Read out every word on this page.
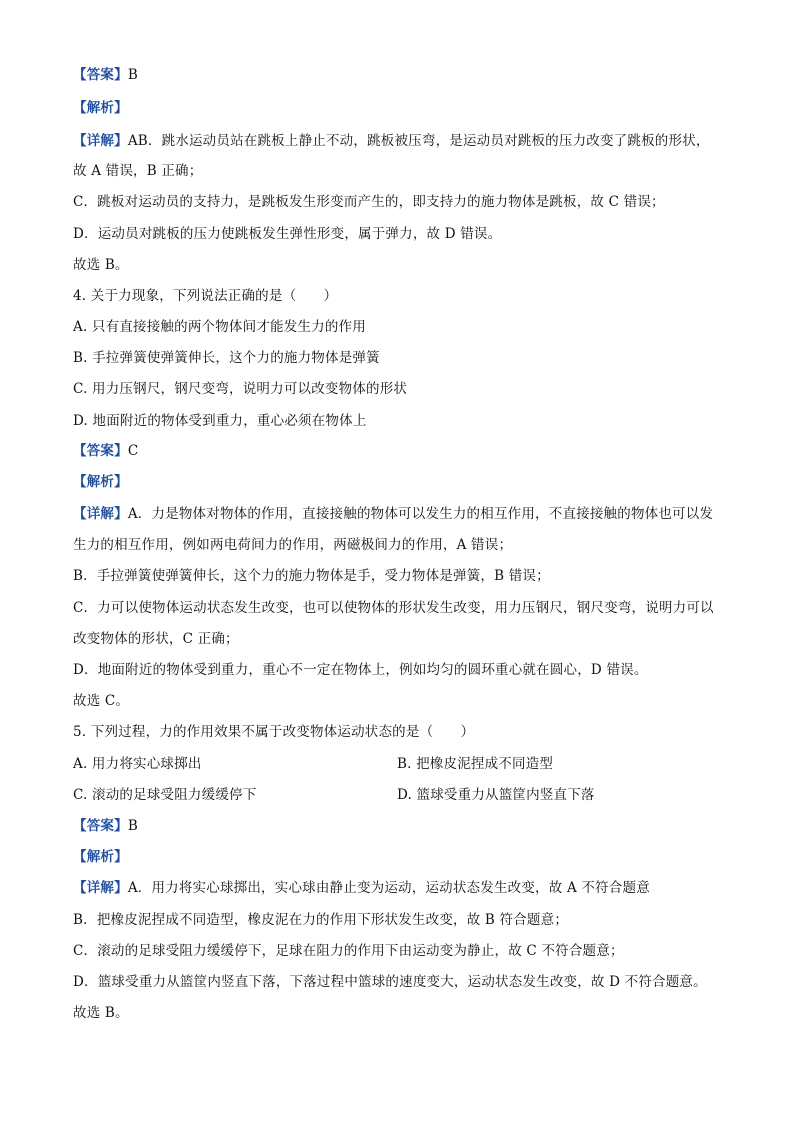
【答案】B
【解析】
【详解】AB．跳水运动员站在跳板上静止不动，跳板被压弯，是运动员对跳板的压力改变了跳板的形状，
故 A 错误，B 正确；
C．跳板对运动员的支持力，是跳板发生形变而产生的，即支持力的施力物体是跳板，故 C 错误；
D．运动员对跳板的压力使跳板发生弹性形变，属于弹力，故 D 错误。
故选 B。
4. 关于力现象，下列说法正确的是（　　）
A. 只有直接接触的两个物体间才能发生力的作用
B. 手拉弹簧使弹簧伸长，这个力的施力物体是弹簧
C. 用力压钢尺，钢尺变弯，说明力可以改变物体的形状
D. 地面附近的物体受到重力，重心必须在物体上
【答案】C
【解析】
【详解】A．力是物体对物体的作用，直接接触的物体可以发生力的相互作用，不直接接触的物体也可以发
生力的相互作用，例如两电荷间力的作用，两磁极间力的作用，A 错误；
B．手拉弹簧使弹簧伸长，这个力的施力物体是手，受力物体是弹簧，B 错误；
C．力可以使物体运动状态发生改变，也可以使物体的形状发生改变，用力压钢尺，钢尺变弯，说明力可以
改变物体的形状，C 正确；
D．地面附近的物体受到重力，重心不一定在物体上，例如均匀的圆环重心就在圆心，D 错误。
故选 C。
5. 下列过程，力的作用效果不属于改变物体运动状态的是（　　）
A. 用力将实心球掷出	B. 把橡皮泥捏成不同造型
C. 滚动的足球受阻力缓缓停下	D. 篮球受重力从篮筐内竖直下落
【答案】B
【解析】
【详解】A．用力将实心球掷出，实心球由静止变为运动，运动状态发生改变，故 A 不符合题意
B．把橡皮泥捏成不同造型，橡皮泥在力的作用下形状发生改变，故 B 符合题意；
C．滚动的足球受阻力缓缓停下，足球在阻力的作用下由运动变为静止，故 C 不符合题意；
D．篮球受重力从篮筐内竖直下落，下落过程中篮球的速度变大，运动状态发生改变，故 D 不符合题意。
故选 B。
